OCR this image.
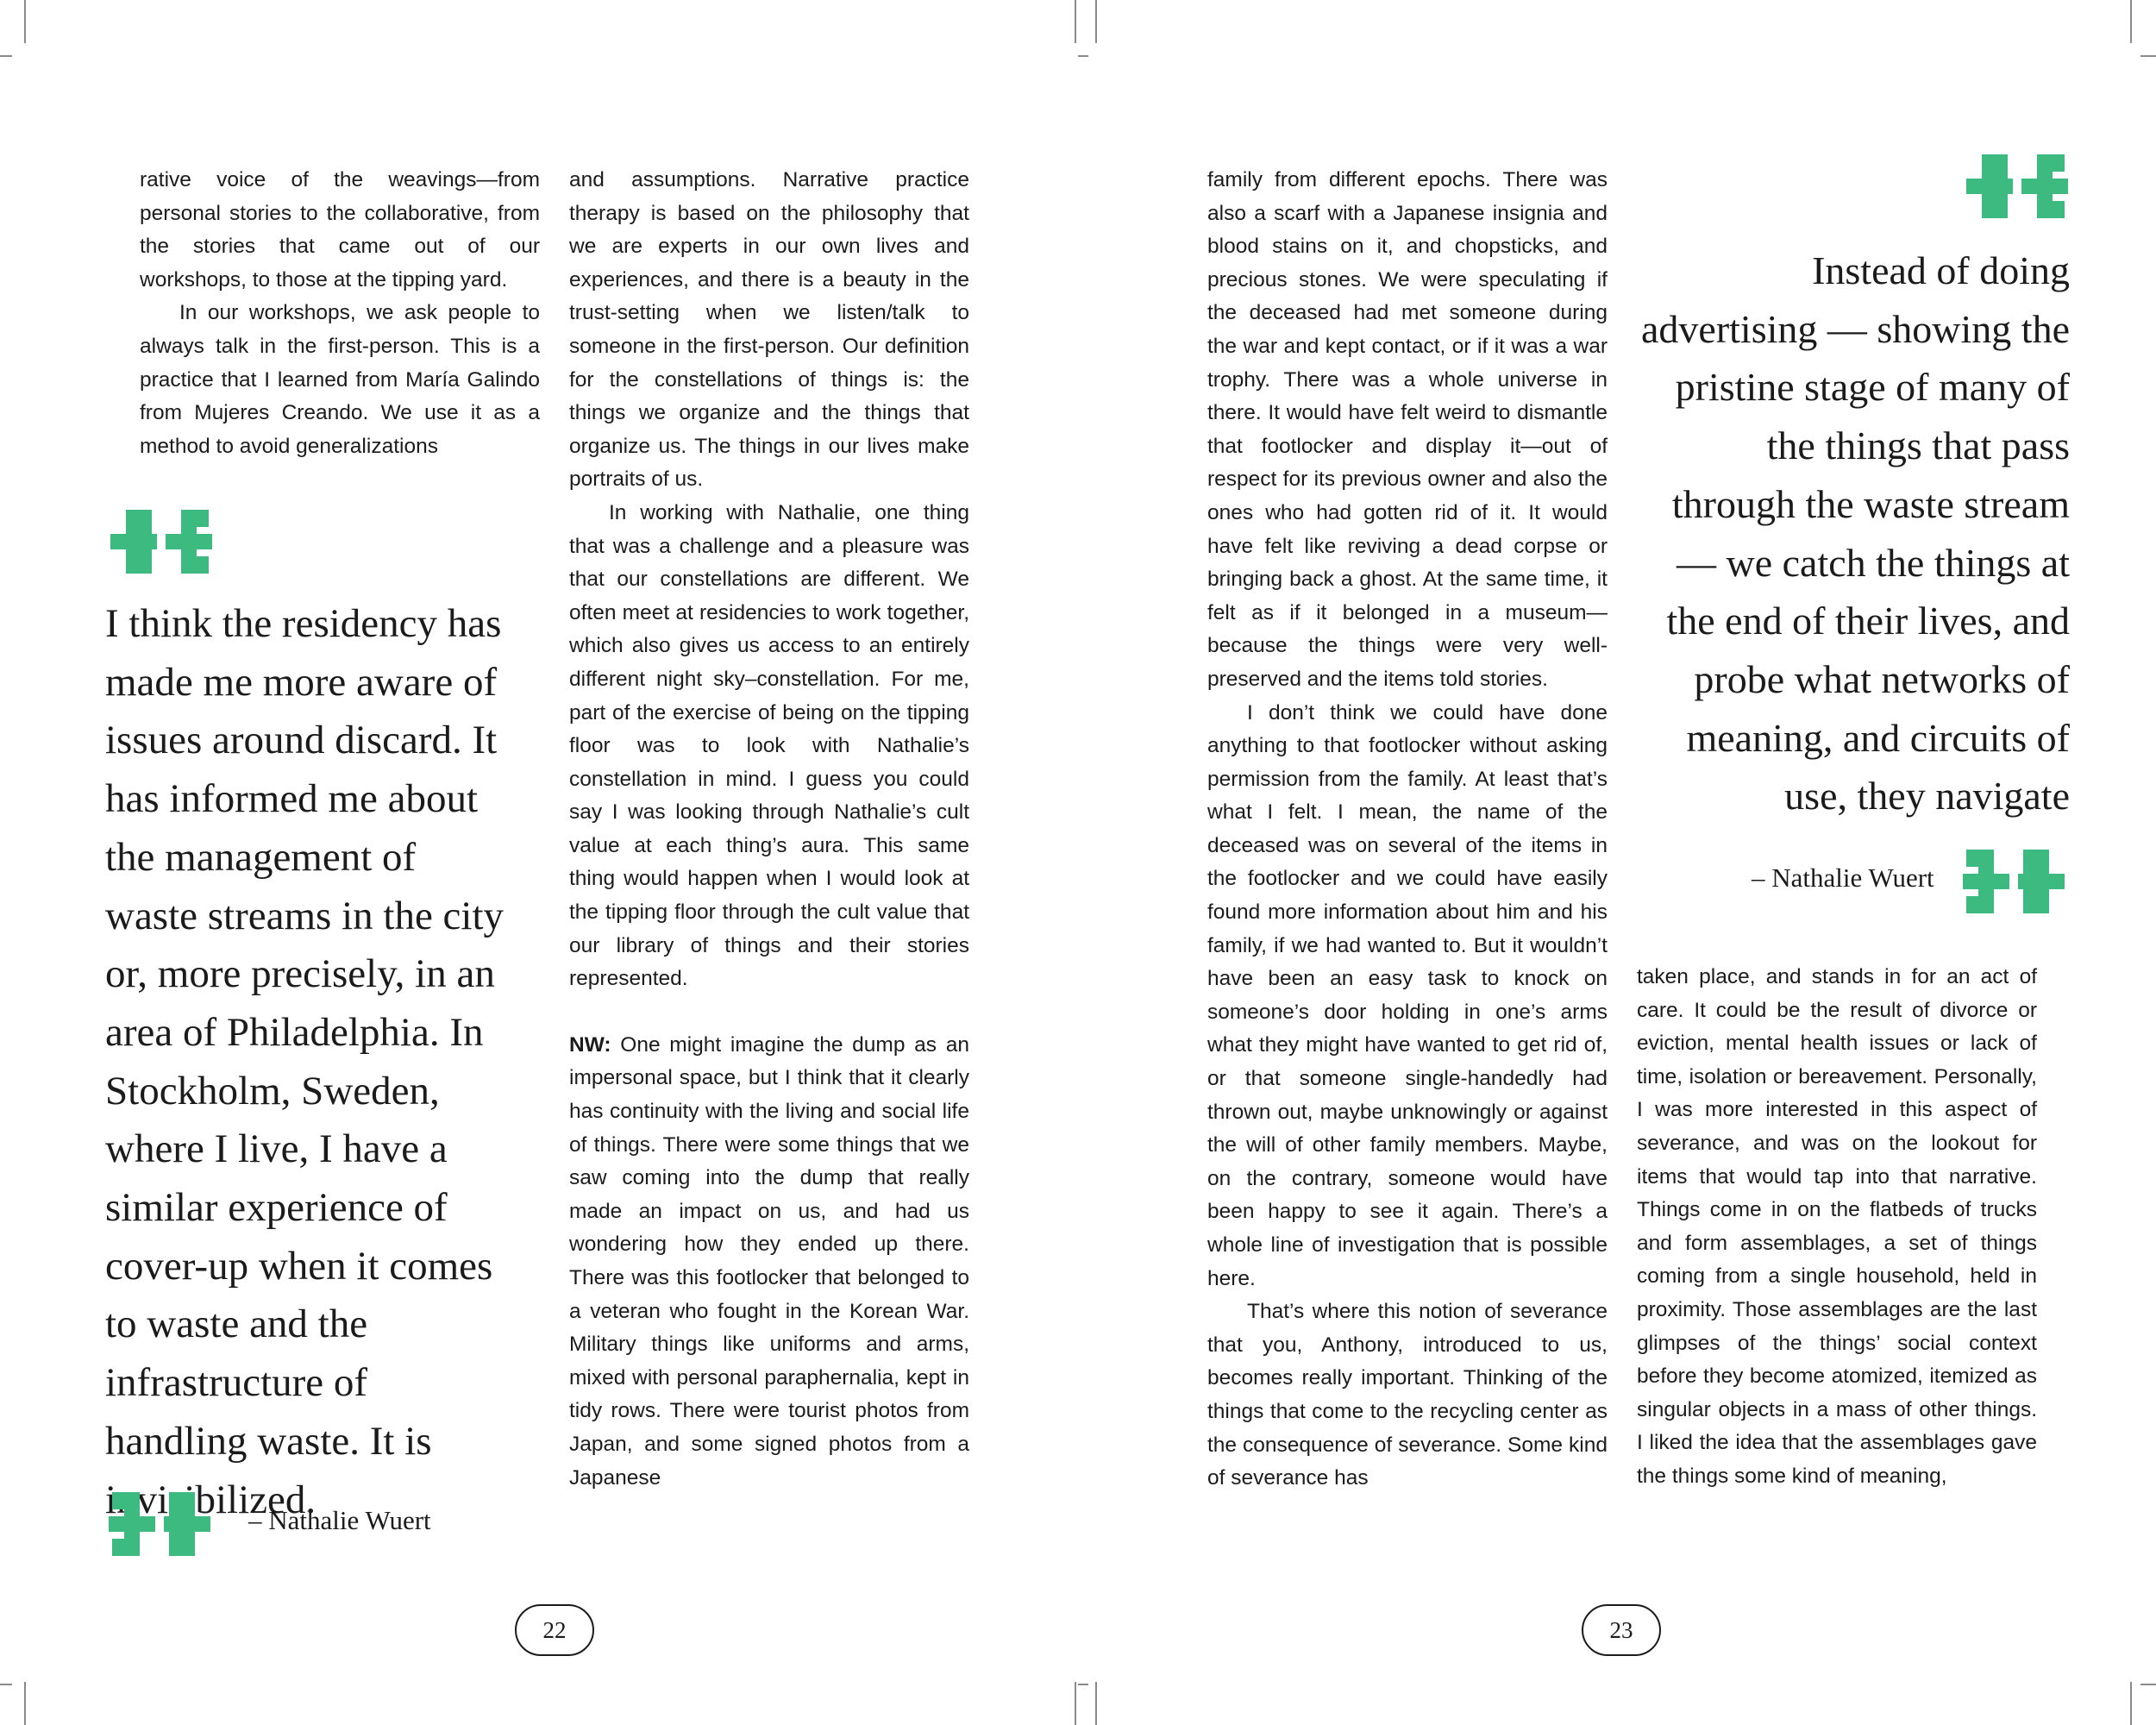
rative voice of the weavings—from personal stories to the collaborative, from the stories that came out of our workshops, to those at the tipping yard.

In our workshops, we ask people to always talk in the first-person. This is a practice that I learned from María Galindo from Mujeres Creando. We use it as a method to avoid generalizations

I think the residency has made me more aware of issues around discard. It has informed me about the management of waste streams in the city or, more precisely, in an area of Philadelphia. In Stockholm, Sweden, where I live, I have a similar experience of cover-up when it comes to waste and the infrastructure of handling waste. It is invisibilized.
– Nathalie Wuert

and assumptions. Narrative practice therapy is based on the philosophy that we are experts in our own lives and experiences, and there is a beauty in the trust-setting when we listen/talk to someone in the first-person. Our definition for the constellations of things is: the things we organize and the things that organize us. The things in our lives make portraits of us.

In working with Nathalie, one thing that was a challenge and a pleasure was that our constellations are different. We often meet at residencies to work together, which also gives us access to an entirely different night sky–constellation. For me, part of the exercise of being on the tipping floor was to look with Nathalie’s constellation in mind. I guess you could say I was looking through Nathalie’s cult value at each thing’s aura. This same thing would happen when I would look at the tipping floor through the cult value that our library of things and their stories represented.

NW: One might imagine the dump as an impersonal space, but I think that it clearly has continuity with the living and social life of things. There were some things that we saw coming into the dump that really made an impact on us, and had us wondering how they ended up there. There was this footlocker that belonged to a veteran who fought in the Korean War. Military things like uniforms and arms, mixed with personal paraphernalia, kept in tidy rows. There were tourist photos from Japan, and some signed photos from a Japanese

22

family from different epochs. There was also a scarf with a Japanese insignia and blood stains on it, and chopsticks, and precious stones. We were speculating if the deceased had met someone during the war and kept contact, or if it was a war trophy. There was a whole universe in there. It would have felt weird to dismantle that footlocker and display it—out of respect for its previous owner and also the ones who had gotten rid of it. It would have felt like reviving a dead corpse or bringing back a ghost. At the same time, it felt as if it belonged in a museum—because the things were very well-preserved and the items told stories.

I don’t think we could have done anything to that footlocker without asking permission from the family. At least that’s what I felt. I mean, the name of the deceased was on several of the items in the footlocker and we could have easily found more information about him and his family, if we had wanted to. But it wouldn’t have been an easy task to knock on someone’s door holding in one’s arms what they might have wanted to get rid of, or that someone single-handedly had thrown out, maybe unknowingly or against the will of other family members. Maybe, on the contrary, someone would have been happy to see it again. There’s a whole line of investigation that is possible here.

That’s where this notion of severance that you, Anthony, introduced to us, becomes really important. Thinking of the things that come to the recycling center as the consequence of severance. Some kind of severance has

taken place, and stands in for an act of care. It could be the result of divorce or eviction, mental health issues or lack of time, isolation or bereavement. Personally, I was more interested in this aspect of severance, and was on the lookout for items that would tap into that narrative. Things come in on the flatbeds of trucks and form assemblages, a set of things coming from a single household, held in proximity. Those assemblages are the last glimpses of the things’ social context before they become atomized, itemized as singular objects in a mass of other things. I liked the idea that the assemblages gave the things some kind of meaning,

23
Instead of doing advertising — showing the pristine stage of many of the things that pass through the waste stream — we catch the things at the end of their lives, and probe what networks of meaning, and circuits of use, they navigate
– Nathalie Wuert
